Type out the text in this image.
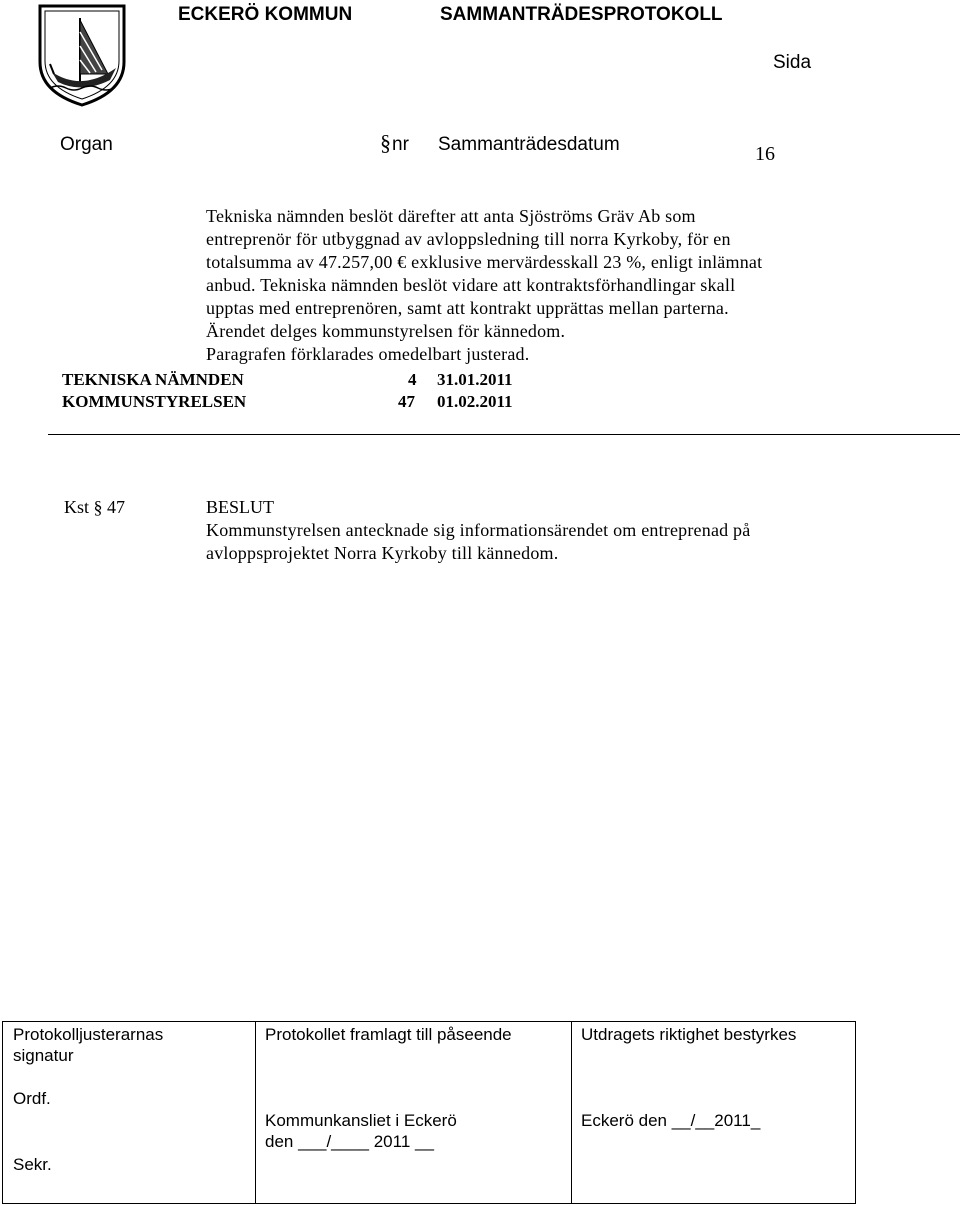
ECKERÖ KOMMUN	SAMMANTRÄDESPROTOKOLL
Sida
Organ	§ nr Sammanträdesdatum	16
Tekniska nämnden beslöt därefter att anta Sjöströms Gräv Ab som
entreprenör för utbyggnad av avloppsledning till norra Kyrkoby, för en
totalsumma av 47.257,00 € exklusive mervärdesskall 23 %, enligt inlämnat
anbud. Tekniska nämnden beslöt vidare att kontraktsförhandlingar skall
upptas med entreprenören, samt att kontrakt upprättas mellan parterna.
Ärendet delges kommunstyrelsen för kännedom.
Paragrafen förklarades omedelbart justerad.
TEKNISKA NÄMNDEN	4 31.01.2011
KOMMUNSTYRELSEN	47 01.02.2011
Kst § 47	BESLUT
Kommunstyrelsen antecknade sig informationsärendet om entreprenad på
avloppsprojektet Norra Kyrkoby till kännedom.
Protokolljusterarnas
signatur
Ordf.
Sekr.
Protokollet framlagt till påseende
Kommunkansliet i Eckerö
den ___/____ 2011 __
Utdragets riktighet bestyrkes
Eckerö den __/__2011_
